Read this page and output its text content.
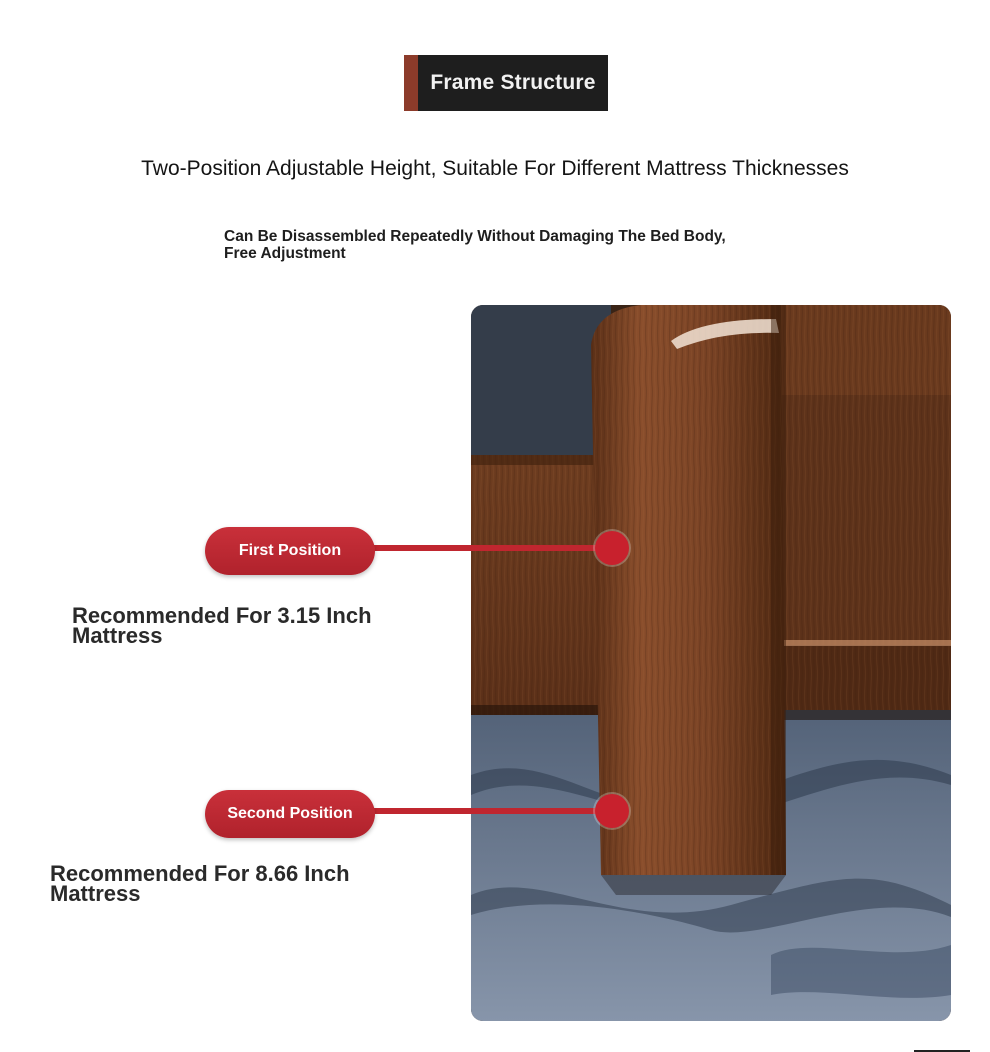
Frame Structure
Two-Position Adjustable Height, Suitable For Different Mattress Thicknesses
Can Be Disassembled Repeatedly Without Damaging The Bed Body,
Free Adjustment
First Position
Recommended For 3.15 Inch
Mattress
Second Position
Recommended For 8.66 Inch
Mattress
